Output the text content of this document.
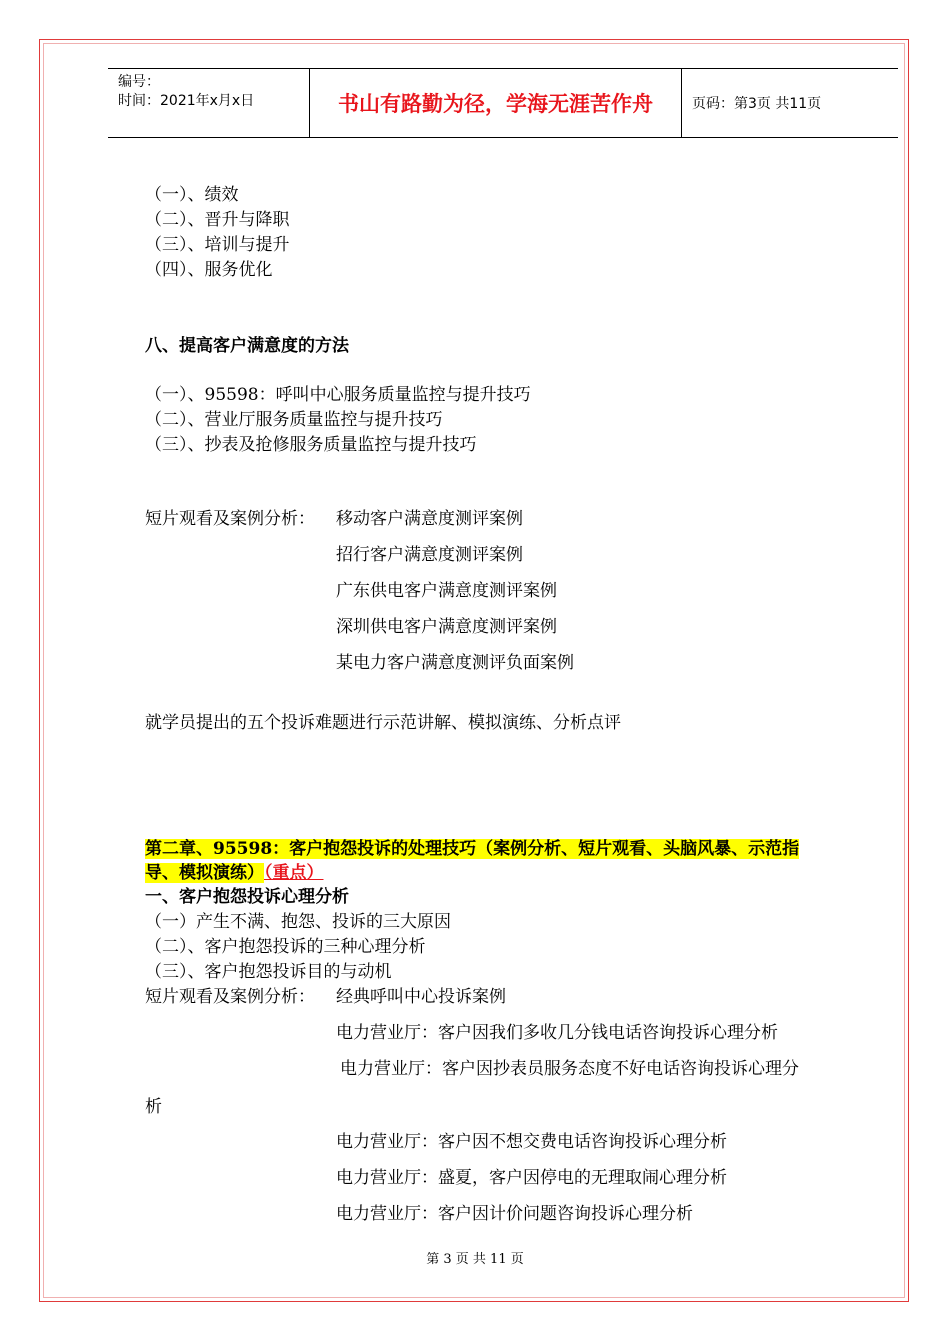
编号：
时间：2021年x月x日	书山有路勤为径，学海无涯苦作舟	页码：第3页 共11页
（一）、绩效
（二）、晋升与降职
（三）、培训与提升
（四）、服务优化
八、提高客户满意度的方法
（一）、95598：呼叫中心服务质量监控与提升技巧
（二）、营业厅服务质量监控与提升技巧
（三）、抄表及抢修服务质量监控与提升技巧
短片观看及案例分析： 移动客户满意度测评案例
招行客户满意度测评案例
广东供电客户满意度测评案例
深圳供电客户满意度测评案例
某电力客户满意度测评负面案例
就学员提出的五个投诉难题进行示范讲解、模拟演练、分析点评
第二章、95598：客户抱怨投诉的处理技巧（案例分析、短片观看、头脑风暴、示范指
导、模拟演练）（重点）
一、客户抱怨投诉心理分析
（一）产生不满、抱怨、投诉的三大原因
（二）、客户抱怨投诉的三种心理分析
（三）、客户抱怨投诉目的与动机
短片观看及案例分析： 经典呼叫中心投诉案例
电力营业厅：客户因我们多收几分钱电话咨询投诉心理分析
电力营业厅：客户因抄表员服务态度不好电话咨询投诉心理分
析
电力营业厅：客户因不想交费电话咨询投诉心理分析
电力营业厅：盛夏，客户因停电的无理取闹心理分析
电力营业厅：客户因计价问题咨询投诉心理分析
第 3 页 共 11 页
